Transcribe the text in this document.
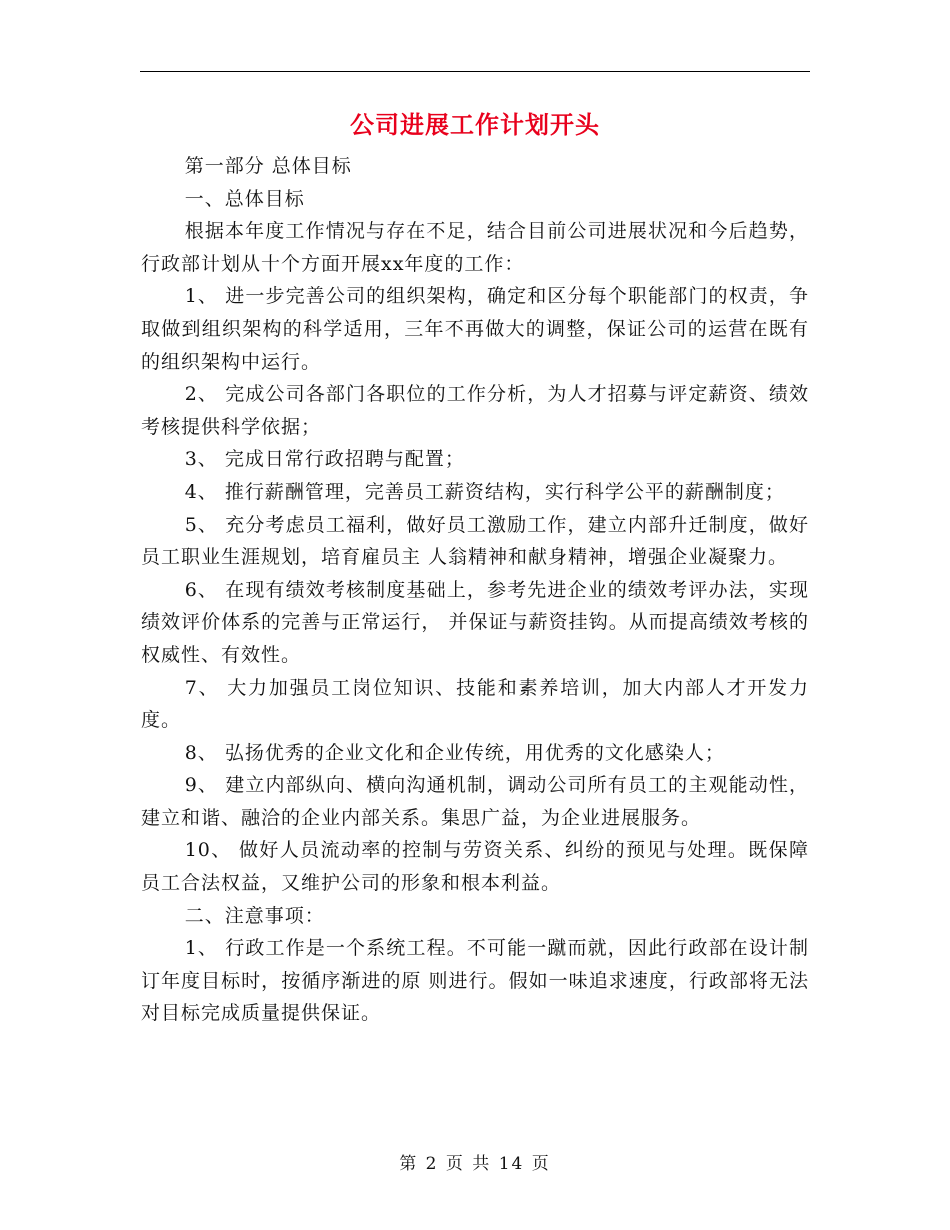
公司进展工作计划开头

第一部分 总体目标

一、总体目标

根据本年度工作情况与存在不足，结合目前公司进展状况和今后趋势，行政部计划从十个方面开展xx年度的工作：

1、 进一步完善公司的组织架构，确定和区分每个职能部门的权责，争取做到组织架构的科学适用，三年不再做大的调整，保证公司的运营在既有的组织架构中运行。

2、 完成公司各部门各职位的工作分析，为人才招募与评定薪资、绩效考核提供科学依据；

3、 完成日常行政招聘与配置；

4、 推行薪酬管理，完善员工薪资结构，实行科学公平的薪酬制度；

5、 充分考虑员工福利，做好员工激励工作，建立内部升迁制度，做好员工职业生涯规划，培育雇员主 人翁精神和献身精神，增强企业凝聚力。

6、 在现有绩效考核制度基础上，参考先进企业的绩效考评办法，实现绩效评价体系的完善与正常运行， 并保证与薪资挂钩。从而提高绩效考核的权威性、有效性。

7、 大力加强员工岗位知识、技能和素养培训，加大内部人才开发力度。

8、 弘扬优秀的企业文化和企业传统，用优秀的文化感染人；

9、 建立内部纵向、横向沟通机制，调动公司所有员工的主观能动性，建立和谐、融洽的企业内部关系。集思广益，为企业进展服务。

10、 做好人员流动率的控制与劳资关系、纠纷的预见与处理。既保障员工合法权益，又维护公司的形象和根本利益。

二、注意事项：

1、 行政工作是一个系统工程。不可能一蹴而就，因此行政部在设计制订年度目标时，按循序渐进的原 则进行。假如一味追求速度，行政部将无法对目标完成质量提供保证。

第 2 页 共 14 页
